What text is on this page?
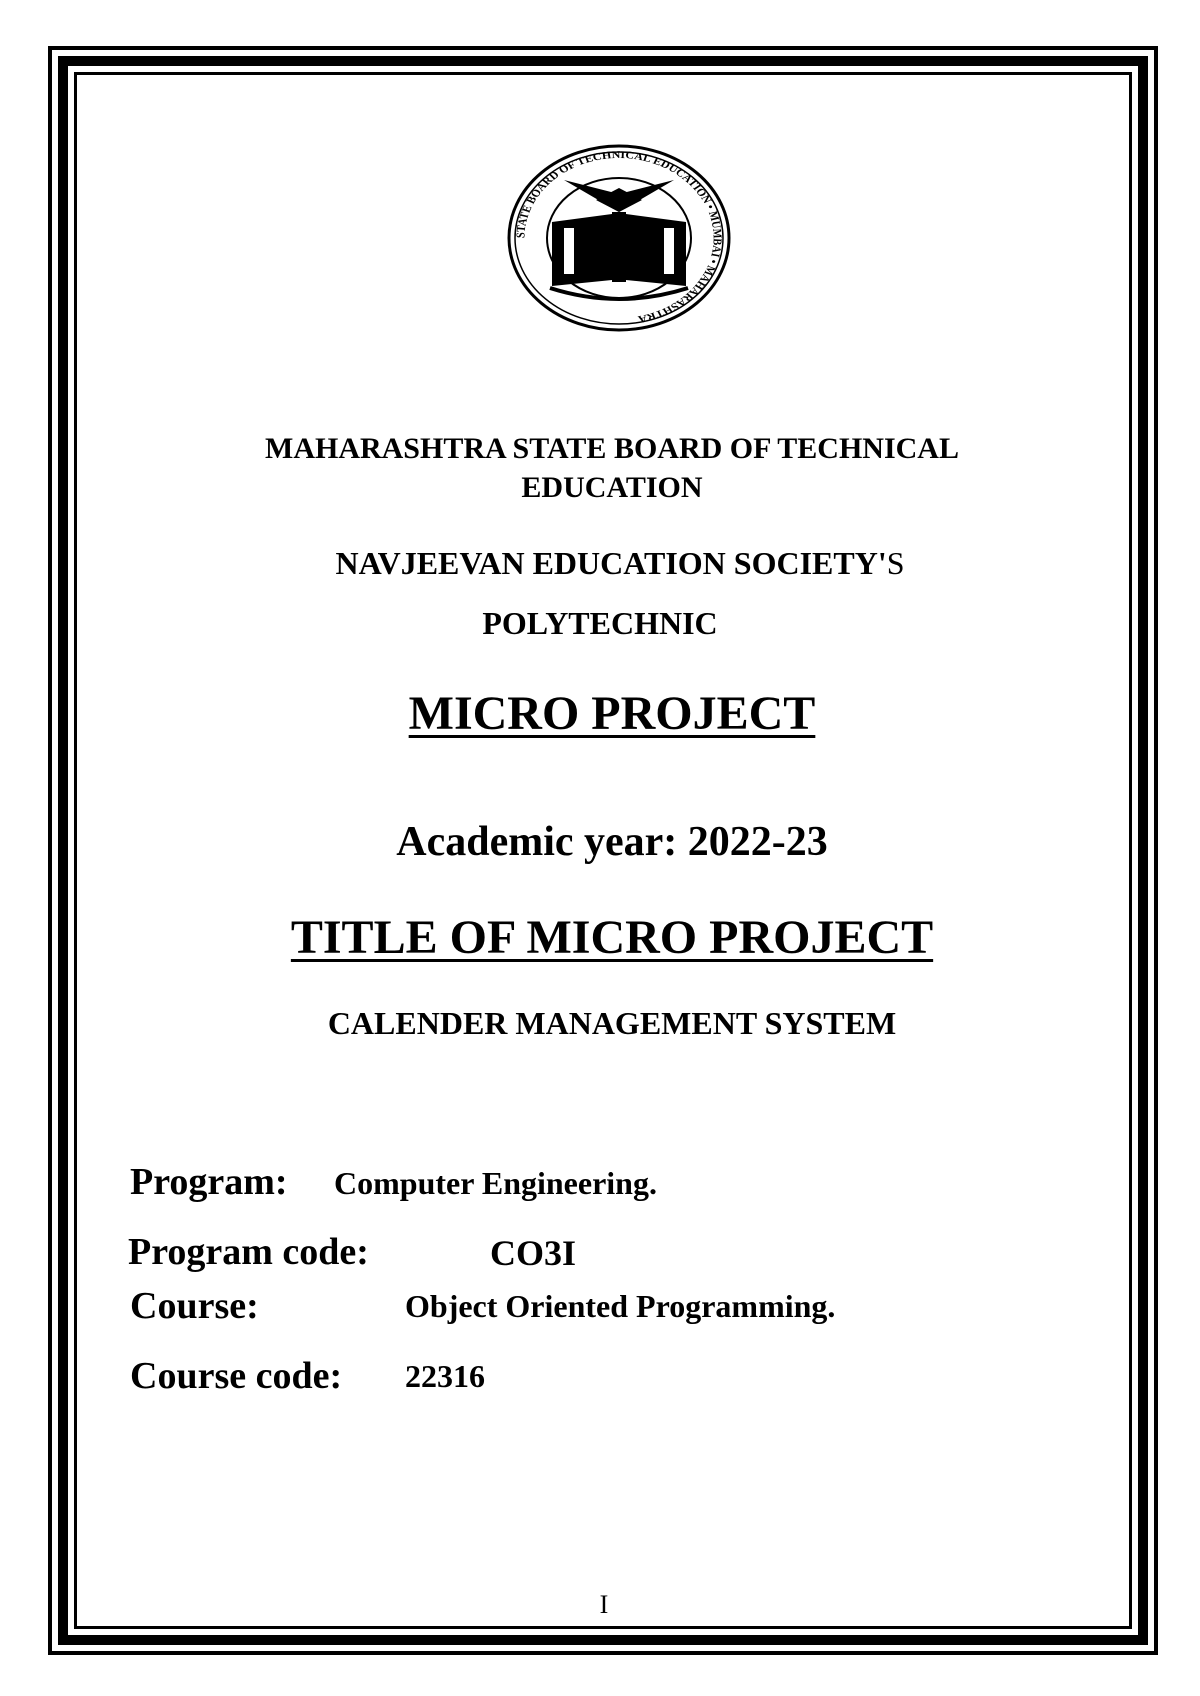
STATE BOARD OF TECHNICAL EDUCATION • MUMBAI • MAHARASHTRA
MAHARASHTRA STATE BOARD OF TECHNICAL
EDUCATION
NAVJEEVAN EDUCATION SOCIETY'S
POLYTECHNIC
MICRO PROJECT
Academic year: 2022-23
TITLE OF MICRO PROJECT
CALENDER MANAGEMENT SYSTEM
Program: Computer Engineering.
Program code:	CO3I
Course:	Object Oriented Programming.
Course code: 22316
I
